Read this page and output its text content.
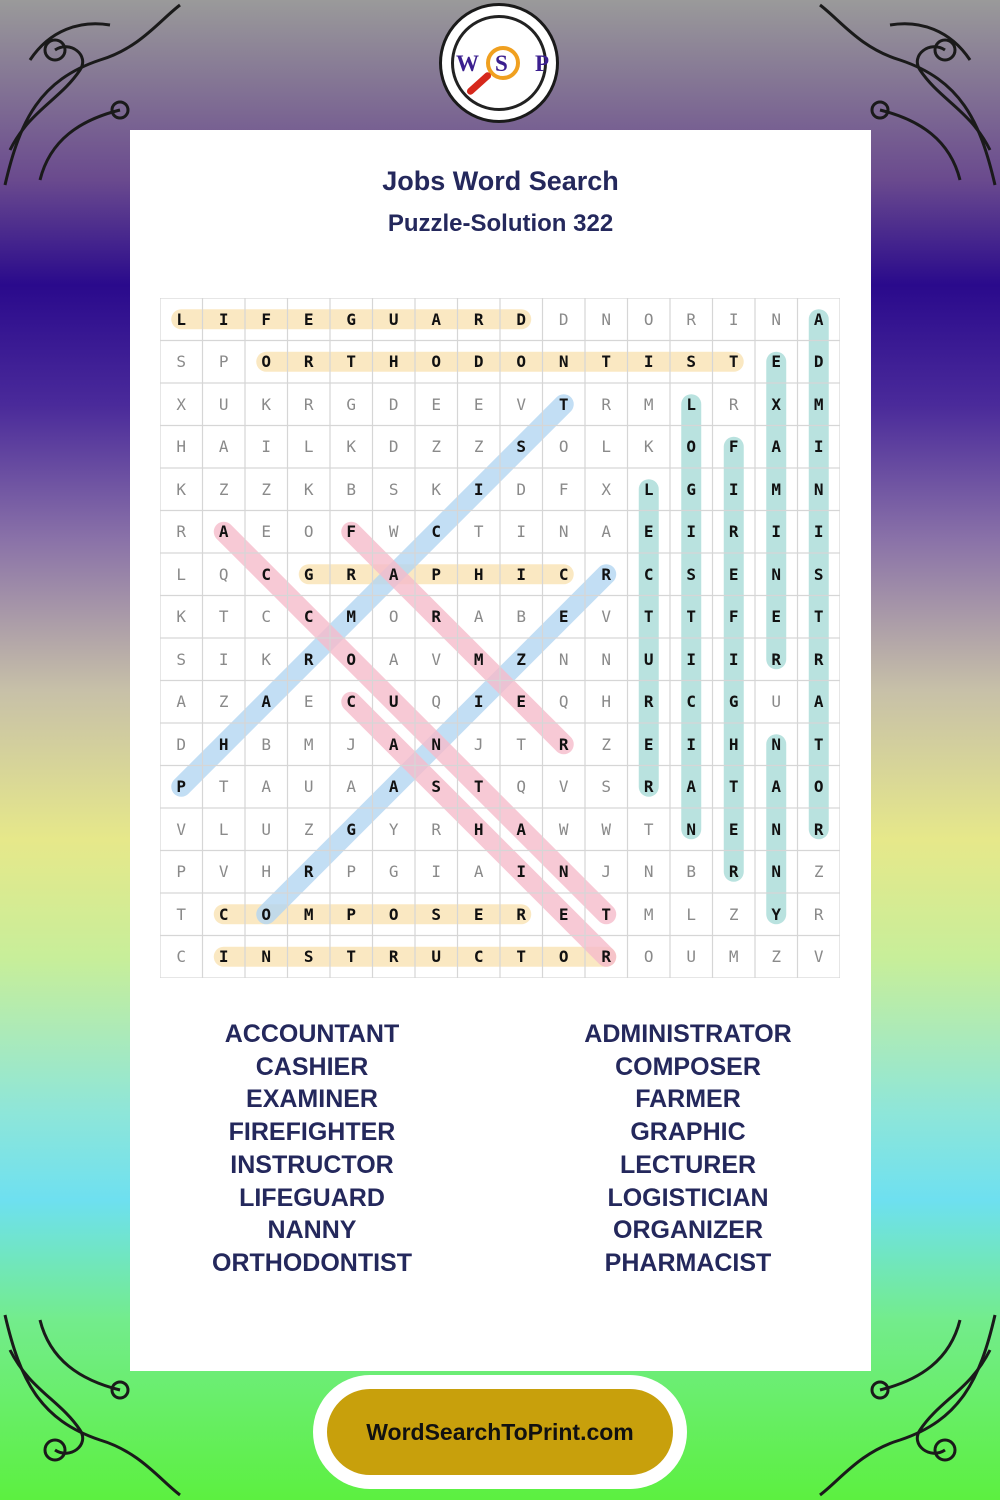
W S P
Jobs Word Search
Puzzle-Solution 322
L	I	F	E	G	U	A	R	D	D	N	O	R	I	N	A
S	P	O	R	T	H	O	D	O	N	T	I	S	T	E	D
X	U	K	R	G	D	E	E	V	T	R	M	L	R	X	M
H	A	I	L	K	D	Z	Z	S	O	L	K	O	F	A	I
K	Z	Z	K	B	S	K	I	D	F	X	L	G	I	M	N
R	A	E	O	F	W	C	T	I	N	A	E	I	R	I	I
L	Q	C	G	R	A	P	H	I	C	R	C	S	E	N	S
K	T	C	C	M	O	R	A	B	E	V	T	T	F	E	T
S	I	K	R	O	A	V	M	Z	N	N	U	I	I	R	R
A	Z	A	E	C	U	Q	I	E	Q	H	R	C	G	U	A
D	H	B	M	J	A	N	J	T	R	Z	E	I	H	N	T
P	T	A	U	A	A	S	T	Q	V	S	R	A	T	A	O
V	L	U	Z	G	Y	R	H	A	W	W	T	N	E	N	R
P	V	H	R	P	G	I	A	I	N	J	N	B	R	N	Z
T	C	O	M	P	O	S	E	R	E	T	M	L	Z	Y	R
C	I	N	S	T	R	U	C	T	O	R	O	U	M	Z	V
ACCOUNTANT
CASHIER
EXAMINER
FIREFIGHTER
INSTRUCTOR
LIFEGUARD
NANNY
ORTHODONTIST
ADMINISTRATOR
COMPOSER
FARMER
GRAPHIC
LECTURER
LOGISTICIAN
ORGANIZER
PHARMACIST
WordSearchToPrint.com
